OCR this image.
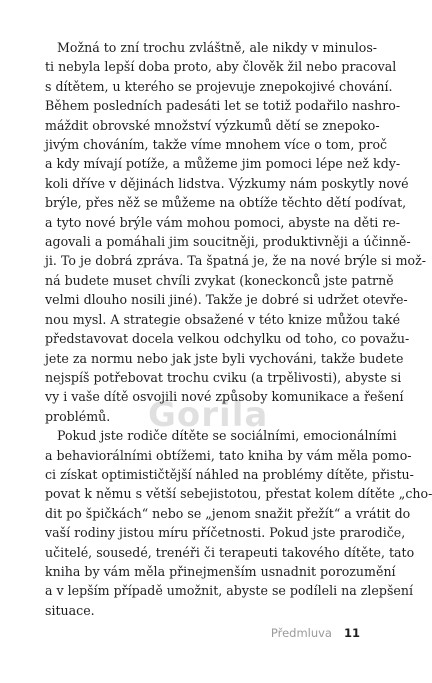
Možná to zní trochu zvláštně, ale nikdy v minulos-
ti nebyla lepší doba proto, aby člověk žil nebo pracoval
s dítětem, u kterého se projevuje znepokojivé chování.
Během posledních padesáti let se totiž podařilo nashro-
máždit obrovské množství výzkumů dětí se znepoko-
jivým chováním, takže víme mnohem více o tom, proč
a kdy mívají potíže, a můžeme jim pomoci lépe než kdy-
koli dříve v dějinách lidstva. Výzkumy nám poskytly nové
brýle, přes něž se můžeme na obtíže těchto dětí podívat,
a tyto nové brýle vám mohou pomoci, abyste na děti re-
agovali a pomáhali jim soucitněji, produktivněji a účinně-
ji. To je dobrá zpráva. Ta špatná je, že na nové brýle si mož-
ná budete muset chvíli zvykat (koneckonců jste patrně
velmi dlouho nosili jiné). Takže je dobré si udržet otevře-
nou mysl. A strategie obsažené v této knize můžou také
představovat docela velkou odchylku od toho, co považu-
jete za normu nebo jak jste byli vychováni, takže budete
nejspíš potřebovat trochu cviku (a trpělivosti), abyste si
vy i vaše dítě osvojili nové způsoby komunikace a řešení
problémů.

Pokud jste rodiče dítěte se sociálními, emocionálními
a behaviorálními obtížemi, tato kniha by vám měla pomo-
ci získat optimističtější náhled na problémy dítěte, přistu-
povat k němu s větší sebejistotou, přestat kolem dítěte „cho-
dit po špičkách“ nebo se „jenom snažit přežít“ a vrátit do
vaší rodiny jistou míru příčetnosti. Pokud jste prarodiče,
učitelé, sousedé, trenéři či terapeuti takového dítěte, tato
kniha by vám měla přinejmenším usnadnit porozumění
a v lepším případě umožnit, abyste se podíleli na zlepšení
situace.

Gorila
Předmluva 11
